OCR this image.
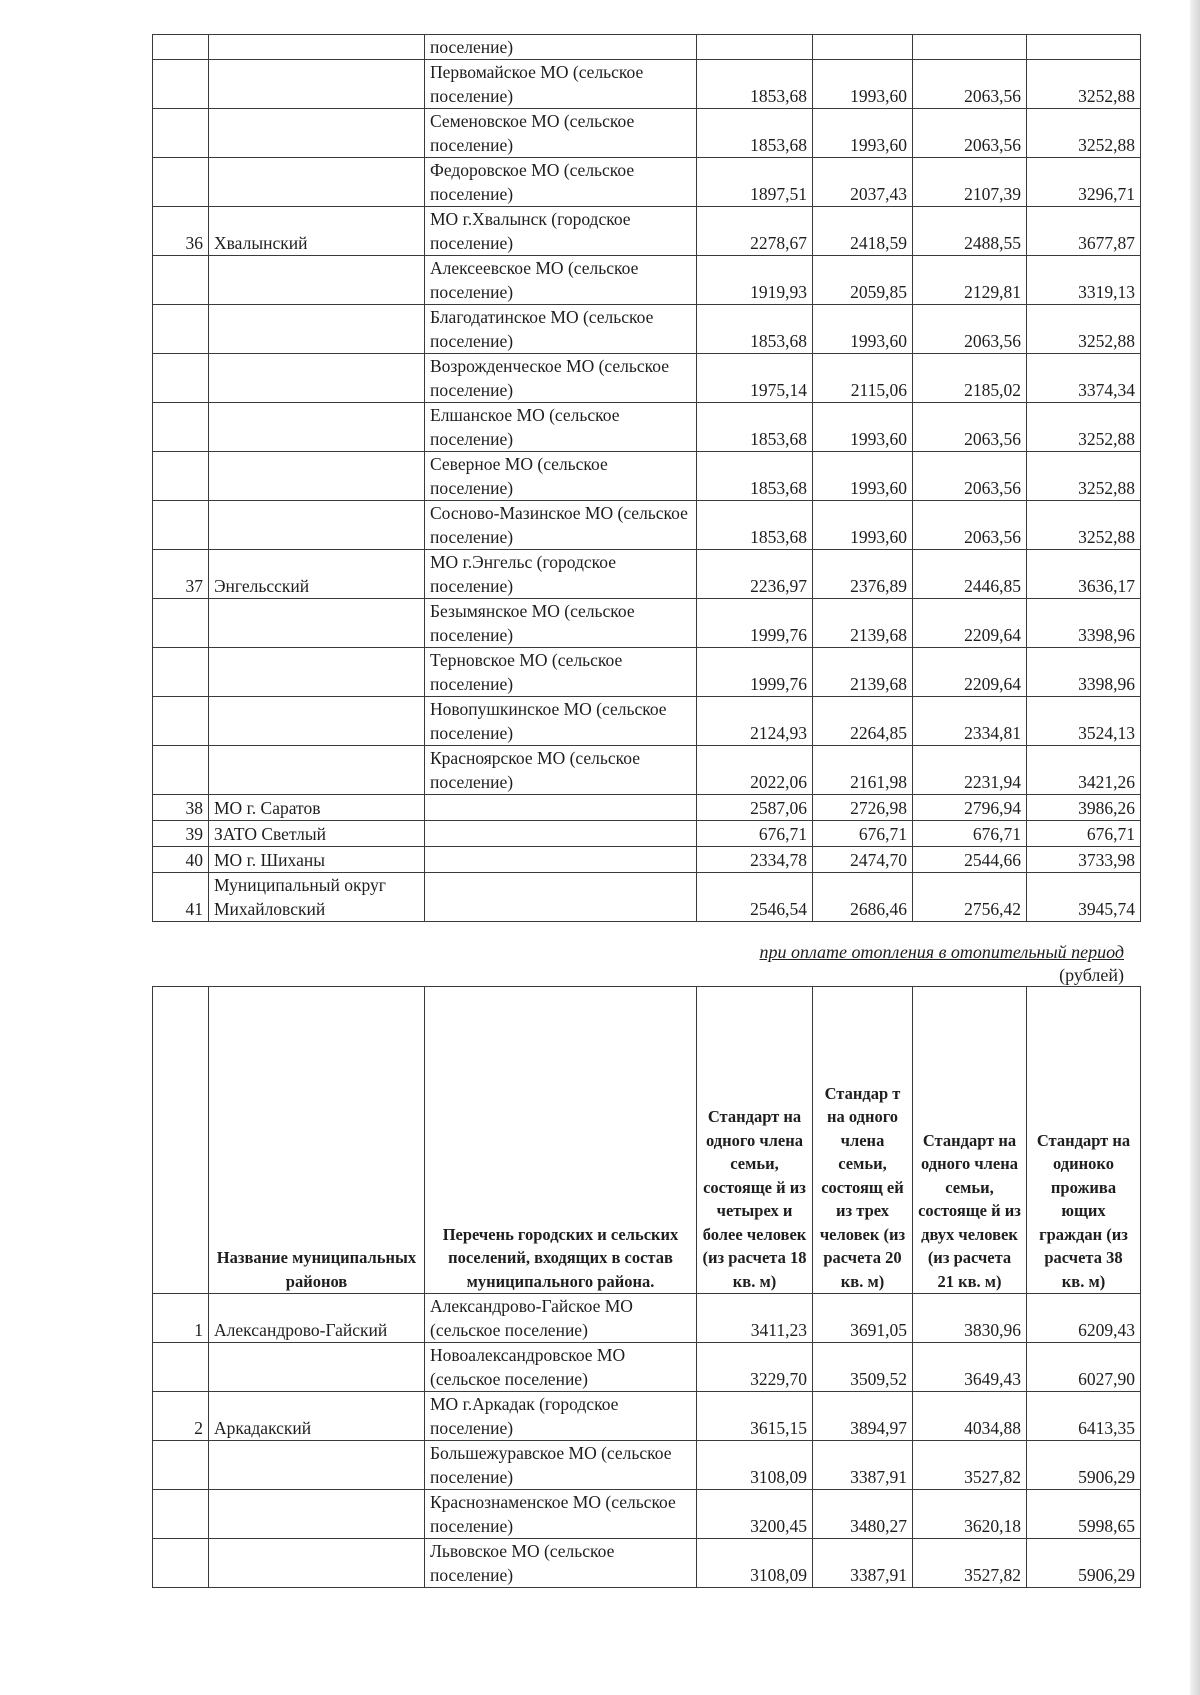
		поселение)				
		Первомайское МО (сельское поселение)	1853,68	1993,60	2063,56	3252,88
		Семеновское МО (сельское поселение)	1853,68	1993,60	2063,56	3252,88
		Федоровское МО (сельское поселение)	1897,51	2037,43	2107,39	3296,71
36	Хвалынский	МО г.Хвалынск (городское поселение)	2278,67	2418,59	2488,55	3677,87
		Алексеевское МО (сельское поселение)	1919,93	2059,85	2129,81	3319,13
		Благодатинское МО (сельское поселение)	1853,68	1993,60	2063,56	3252,88
		Возрожденческое МО (сельское поселение)	1975,14	2115,06	2185,02	3374,34
		Елшанское МО (сельское поселение)	1853,68	1993,60	2063,56	3252,88
		Северное МО (сельское поселение)	1853,68	1993,60	2063,56	3252,88
		Сосново-Мазинское МО (сельское поселение)	1853,68	1993,60	2063,56	3252,88
37	Энгельсский	МО г.Энгельс (городское поселение)	2236,97	2376,89	2446,85	3636,17
		Безымянское МО (сельское поселение)	1999,76	2139,68	2209,64	3398,96
		Терновское МО (сельское поселение)	1999,76	2139,68	2209,64	3398,96
		Новопушкинское МО (сельское поселение)	2124,93	2264,85	2334,81	3524,13
		Красноярское МО (сельское поселение)	2022,06	2161,98	2231,94	3421,26
38	МО г. Саратов		2587,06	2726,98	2796,94	3986,26
39	ЗАТО Светлый		676,71	676,71	676,71	676,71
40	МО г. Шиханы		2334,78	2474,70	2544,66	3733,98
41	Муниципальный округ Михайловский		2546,54	2686,46	2756,42	3945,74
при оплате отопления в отопительный период
(рублей)
	Название муниципальных районов	Перечень городских и сельских поселений, входящих в состав муниципального района.	Стандарт на одного члена семьи, состояще й из четырех и более человек (из расчета 18 кв. м)	Стандар т на одного члена семьи, состоящ ей из трех человек (из расчета 20 кв. м)	Стандарт на одного члена семьи, состояще й из двух человек (из расчета 21 кв. м)	Стандарт на одиноко прожива ющих граждан (из расчета 38 кв. м)
1	Александрово-Гайский	Александрово-Гайское МО (сельское поселение)	3411,23	3691,05	3830,96	6209,43
		Новоалександровское МО (сельское поселение)	3229,70	3509,52	3649,43	6027,90
2	Аркадакский	МО г.Аркадак (городское поселение)	3615,15	3894,97	4034,88	6413,35
		Большежуравское МО (сельское поселение)	3108,09	3387,91	3527,82	5906,29
		Краснознаменское МО (сельское поселение)	3200,45	3480,27	3620,18	5998,65
		Львовское МО (сельское поселение)	3108,09	3387,91	3527,82	5906,29
